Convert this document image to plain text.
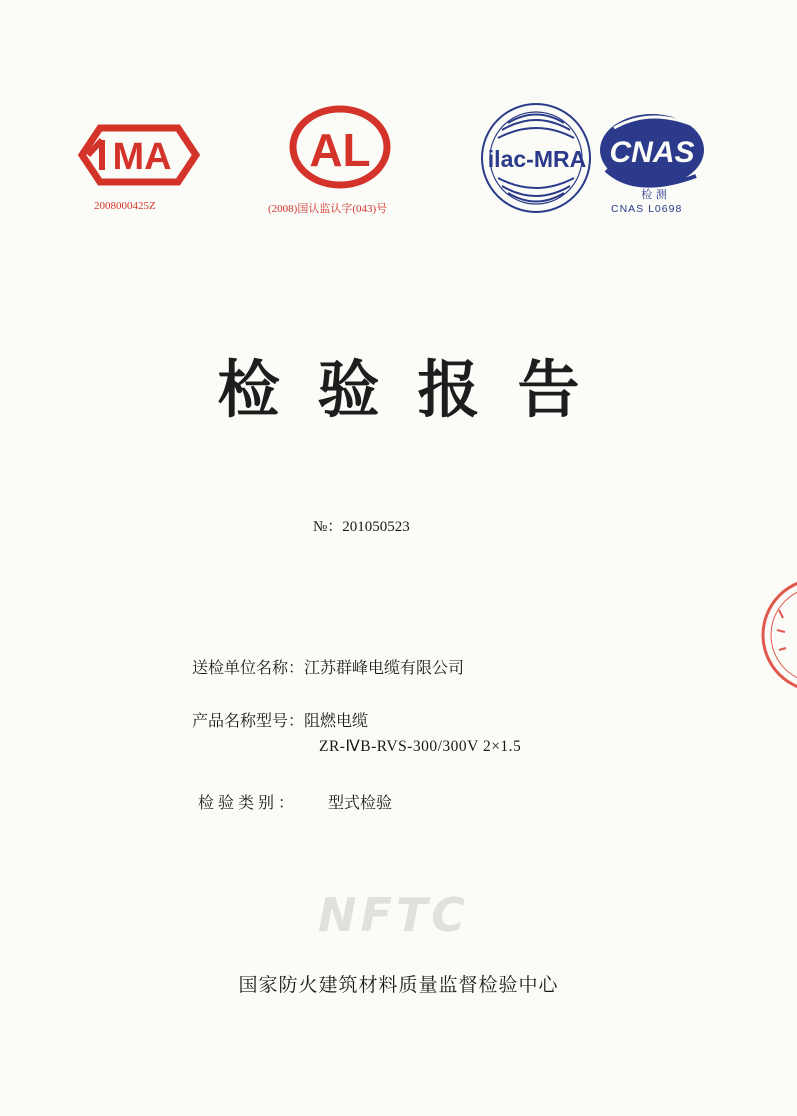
MA
2008000425Z
AL
(2008)国认监认字(043)号
ilac-MRA CNAS
检 测
CNAS L0698
检验报告
№：201050523
送检单位名称：江苏群峰电缆有限公司
产品名称型号：阻燃电缆
ZR-ⅣB-RVS-300/300V 2×1.5
检验类别： 型式检验
NFTC
国家防火建筑材料质量监督检验中心
